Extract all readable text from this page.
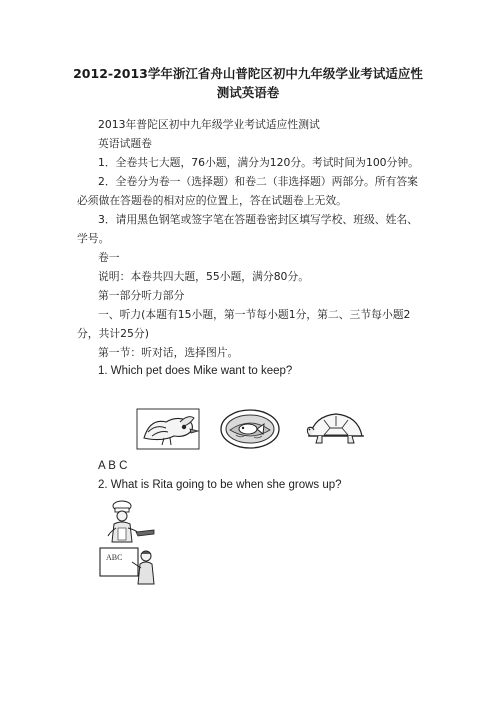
2012-2013学年浙江省舟山普陀区初中九年级学业考试适应性
测试英语卷

2013年普陀区初中九年级学业考试适应性测试

英语试题卷

1．全卷共七大题，76小题，满分为120分。考试时间为100分钟。

2．全卷分为卷一（选择题）和卷二（非选择题）两部分。所有答案必须做在答题卷的相对应的位置上，答在试题卷上无效。

3．请用黑色钢笔或签字笔在答题卷密封区填写学校、班级、姓名、学号。

卷一

说明：本卷共四大题，55小题，满分80分。

第一部分听力部分

一、听力(本题有15小题，第一节每小题1分，第二、三节每小题2分，共计25分)

第一节：听对话，选择图片。

1. Which pet does Mike want to keep?

A B C
2. What is Rita going to be when she grows up?
ABC
